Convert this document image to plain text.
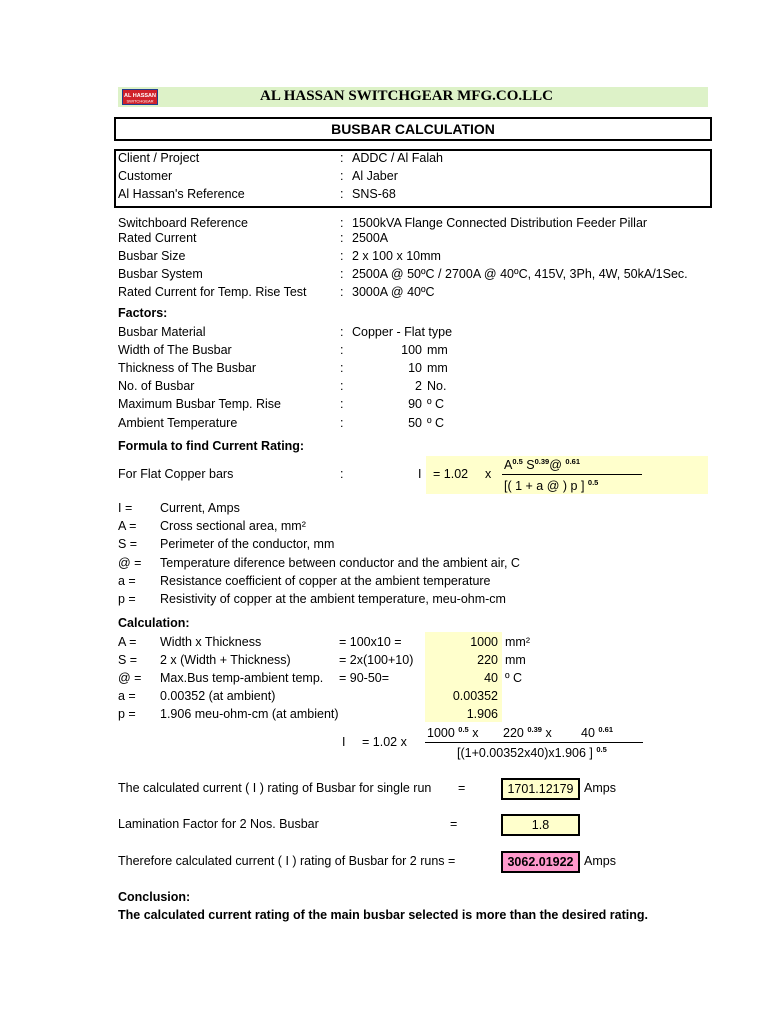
AL HASSAN
SWITCHGEAR	AL HASSAN SWITCHGEAR MFG.CO.LLC
BUSBAR CALCULATION
Client / Project	: ADDC / Al Falah
Customer	: Al Jaber
Al Hassan's Reference	: SNS-68
Switchboard Reference	: 1500kVA Flange Connected Distribution Feeder Pillar
Rated Current	: 2500A
Busbar Size	: 2 x 100 x 10mm
Busbar System	: 2500A @ 50ºC / 2700A @ 40ºC, 415V, 3Ph, 4W, 50kA/1Sec.
Rated Current for Temp. Rise Test	: 3000A @ 40ºC
Factors:
Busbar Material	: Copper - Flat type
Width of The Busbar	:	100 mm
Thickness of The Busbar	:	10 mm
No. of Busbar	:	2 No.
Maximum Busbar Temp. Rise	:	90 º C
Ambient Temperature	:	50 º C
Formula to find Current Rating:
For Flat Copper bars	:	I = 1.02 x
$A^{0.5}$ $S^{0.39}@$ $^{0.61}$
[( 1 + a @ ) p ] $^{0.5}$
I = Current, Amps
A = Cross sectional area, mm²
S = Perimeter of the conductor, mm
@ = Temperature diference between conductor and the ambient air, C
a = Resistance coefficient of copper at the ambient temperature
p = Resistivity of copper at the ambient temperature, meu-ohm-cm
Calculation:
A = Width x Thickness	= 100x10 =	1000 mm²
S = 2 x (Width + Thickness)	= 2x(100+10)	220 mm
@ = Max.Bus temp-ambient temp. = 90-50=	40 º C
a = 0.00352 (at ambient)	0.00352
p = 1.906 meu-ohm-cm (at ambient)	1.906
I = 1.02 x
1000 $^{0.5}$ x 220 $^{0.39}$ x 40 $^{0.61}$
[(1+0.00352x40)x1.906 ] $^{0.5}$
The calculated current ( I ) rating of Busbar for single run =	1701.12179 Amps
Lamination Factor for 2 Nos. Busbar	=	1.8
Therefore calculated current ( I ) rating of Busbar for 2 runs =	3062.01922 Amps
Conclusion:
The calculated current rating of the main busbar selected is more than the desired rating.
